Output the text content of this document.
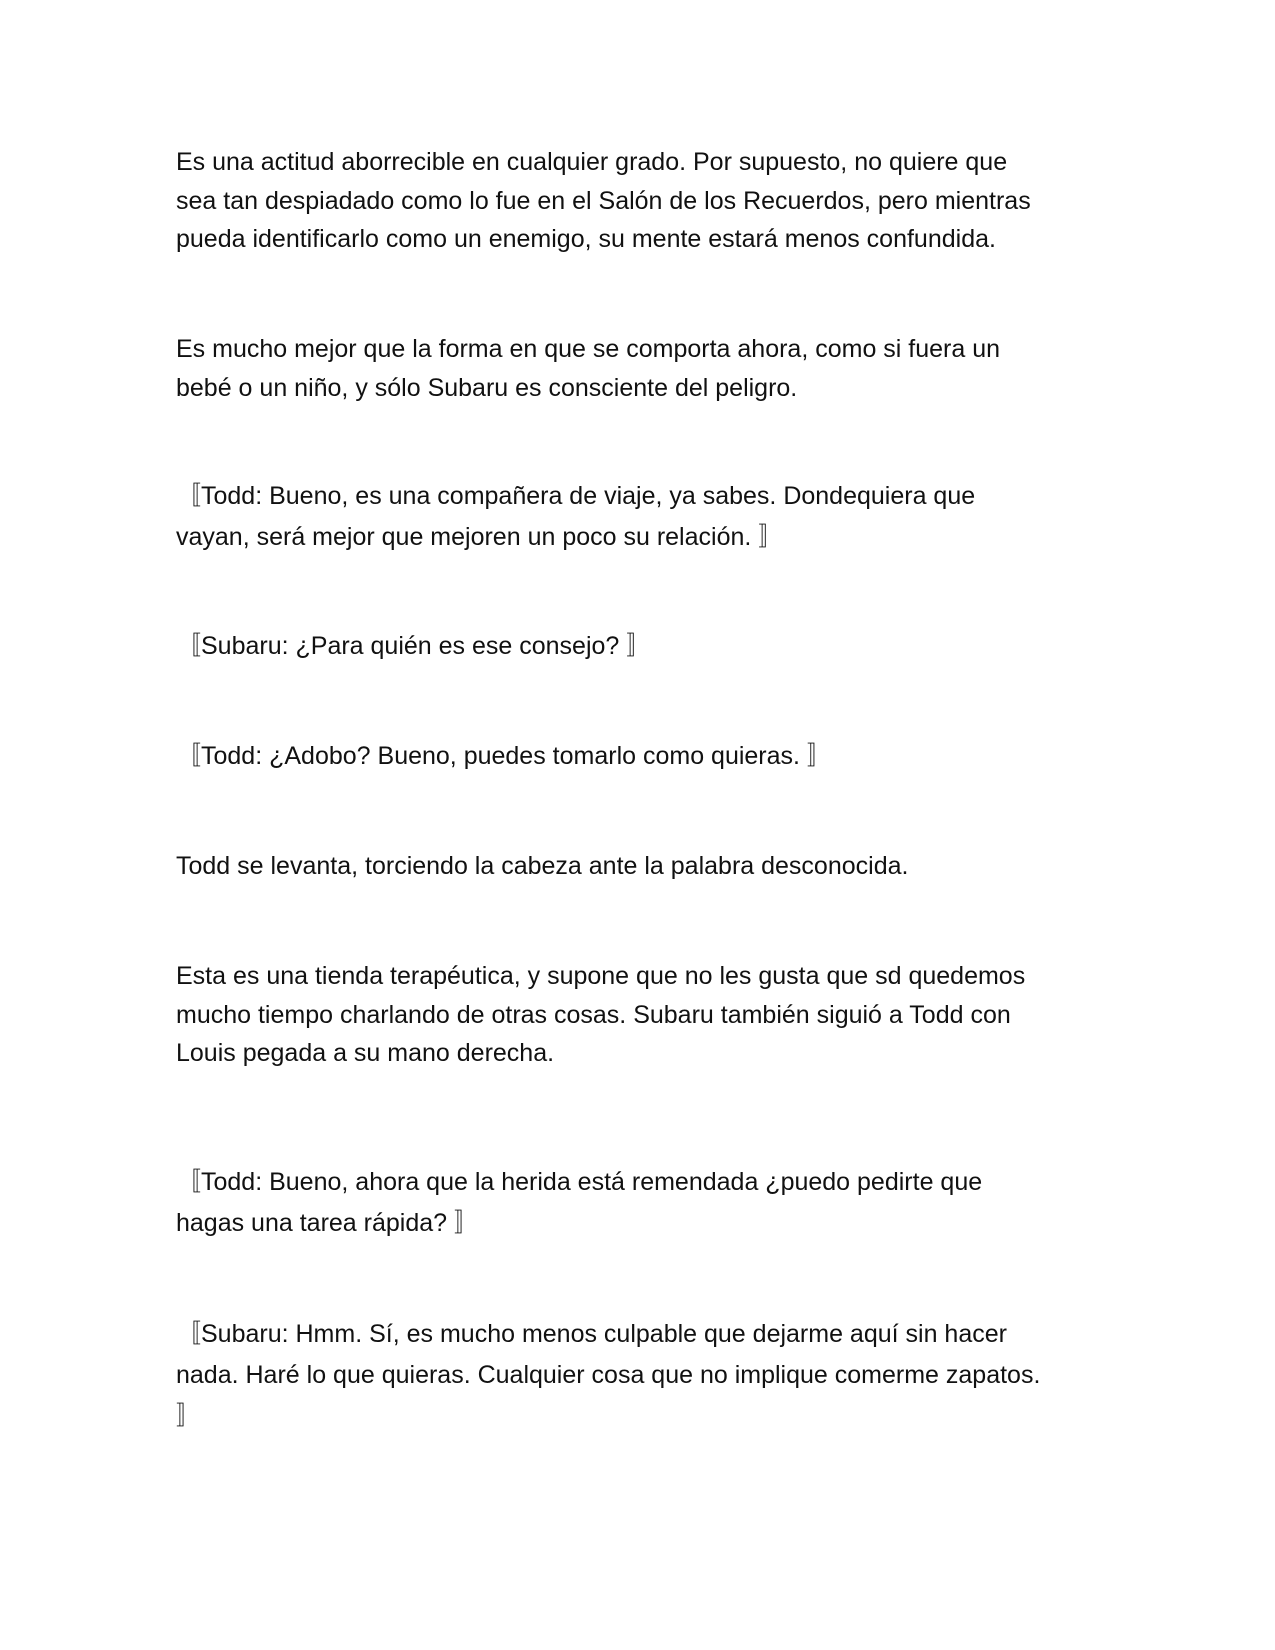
Es una actitud aborrecible en cualquier grado. Por supuesto, no quiere que
sea tan despiadado como lo fue en el Salón de los Recuerdos, pero mientras
pueda identificarlo como un enemigo, su mente estará menos confundida.

Es mucho mejor que la forma en que se comporta ahora, como si fuera un
bebé o un niño, y sólo Subaru es consciente del peligro.

〚Todd: Bueno, es una compañera de viaje, ya sabes. Dondequiera que
vayan, será mejor que mejoren un poco su relación. 〛

〚Subaru: ¿Para quién es ese consejo? 〛

〚Todd: ¿Adobo? Bueno, puedes tomarlo como quieras. 〛

Todd se levanta, torciendo la cabeza ante la palabra desconocida.

Esta es una tienda terapéutica, y supone que no les gusta que sd quedemos
mucho tiempo charlando de otras cosas. Subaru también siguió a Todd con
Louis pegada a su mano derecha.

〚Todd: Bueno, ahora que la herida está remendada ¿puedo pedirte que
hagas una tarea rápida? 〛

〚Subaru: Hmm. Sí, es mucho menos culpable que dejarme aquí sin hacer
nada. Haré lo que quieras. Cualquier cosa que no implique comerme zapatos.
〛
